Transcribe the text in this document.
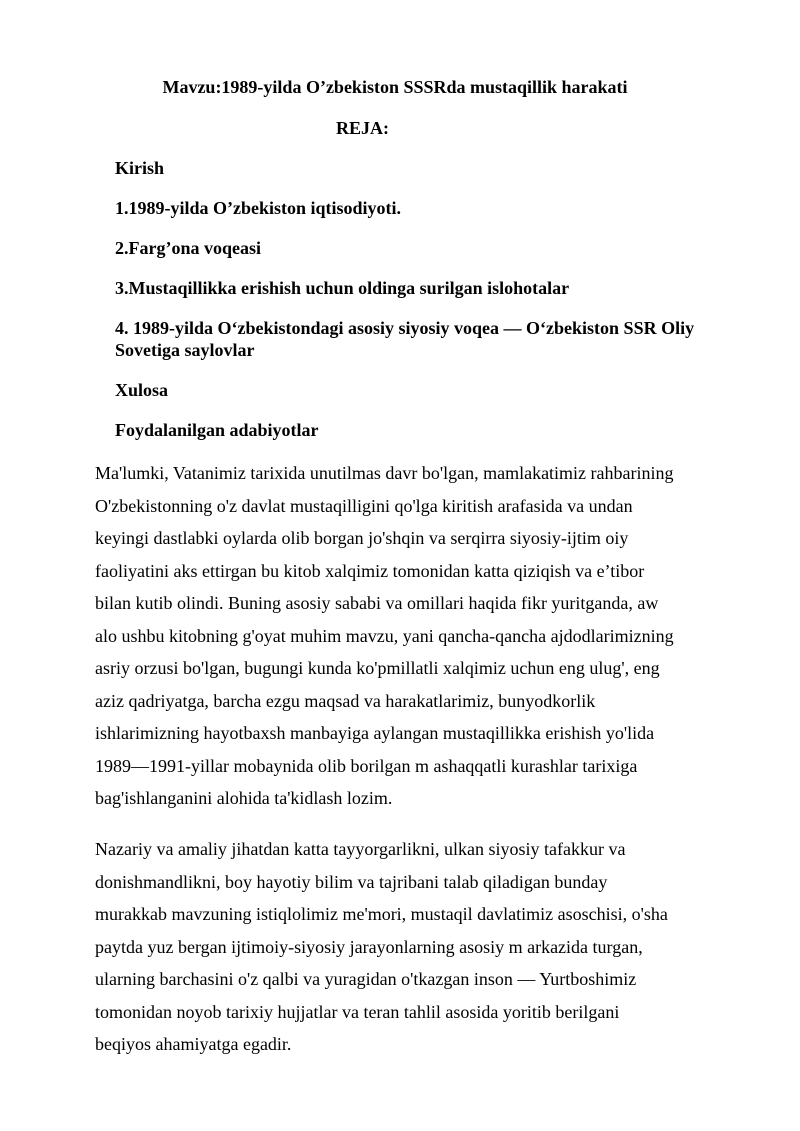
Mavzu:1989-yilda O’zbekiston SSSRda mustaqillik harakati
REJA:
Kirish
1.1989-yilda O’zbekiston iqtisodiyoti.
2.Farg’ona voqeasi
3.Mustaqillikka erishish uchun oldinga surilgan islohotalar
4. 1989-yilda O‘zbekistondagi asosiy siyosiy voqea — O‘zbekiston SSR Oliy Sovetiga saylovlar
Xulosa
Foydalanilgan adabiyotlar

Ma'lumki, Vatanimiz tarixida unutilmas davr bo'lgan, mamlakatimiz rahbarining
O'zbekistonning o'z davlat mustaqilligini qo'lga kiritish arafasida va undan
keyingi dastlabki oylarda olib borgan jo'shqin va serqirra siyosiy-ijtim oiy
faoliyatini aks ettirgan bu kitob xalqimiz tomonidan katta qiziqish va e’tibor
bilan kutib olindi. Buning asosiy sababi va omillari haqida fikr yuritganda, aw
alo ushbu kitobning g'oyat muhim mavzu, yani qancha-qancha ajdodlarimizning
asriy orzusi bo'lgan, bugungi kunda ko'pmillatli xalqimiz uchun eng ulug', eng
aziz qadriyatga, barcha ezgu maqsad va harakatlarimiz, bunyodkorlik
ishlarimizning hayotbaxsh manbayiga aylangan mustaqillikka erishish yo'lida
1989—1991-yillar mobaynida olib borilgan m ashaqqatli kurashlar tarixiga
bag'ishlanganini alohida ta'kidlash lozim.

Nazariy va amaliy jihatdan katta tayyorgarlikni, ulkan siyosiy tafakkur va
donishmandlikni, boy hayotiy bilim va tajribani talab qiladigan bunday
murakkab mavzuning istiqlolimiz me'mori, mustaqil davlatimiz asoschisi, o'sha
paytda yuz bergan ijtimoiy-siyosiy jarayonlarning asosiy m arkazida turgan,
ularning barchasini o'z qalbi va yuragidan o'tkazgan inson — Yurtboshimiz
tomonidan noyob tarixiy hujjatlar va teran tahlil asosida yoritib berilgani
beqiyos ahamiyatga egadir.
